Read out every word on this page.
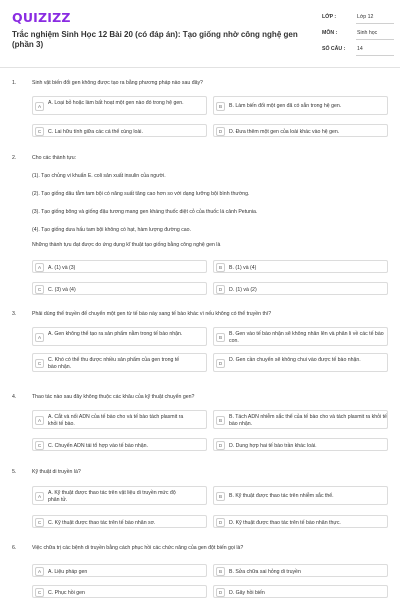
QUIZIZZ
Trắc nghiệm Sinh Học 12 Bài 20 (có đáp án): Tạo giống nhờ công nghệ gen (phần 3)
LỚP :	Lớp 12
MÔN :	Sinh học
SỐ CÂU : 14
1.	Sinh vật biến đổi gen không được tạo ra bằng phương pháp nào sau đây?
A
A. Loại bỏ hoặc làm bất hoạt một gen nào đó trong hệ gen.
B	B. Làm biến đổi một gen đã có sẵn trong hệ gen.
C	C. Lai hữu tính giữa các cá thể cùng loài.	D	D. Đưa thêm một gen của loài khác vào hệ gen.
2.	Cho các thành tựu:
(1). Tạo chủng vi khuẩn E. coli sản xuất insulin của người.
(2). Tạo giống dâu tằm tam bội có năng suất tăng cao hơn so với dạng lưỡng bội bình thường.
(3). Tạo giống bông và giống đậu tương mang gen kháng thuốc diệt cỏ của thuốc lá cảnh Petunia.
(4). Tạo giống dưa hấu tam bội không có hạt, hàm lượng đường cao.
Những thành tựu đạt được do ứng dụng kĩ thuật tạo giống bằng công nghệ gen là
A	A. (1) và (3)	B	B. (1) và (4)
C	C. (3) và (4)	D	D. (1) và (2)
3.	Phải dùng thể truyền để chuyển một gen từ tế bào này sang tế bào khác vì nếu không có thể truyền thì?
A
A. Gen không thể tạo ra sản phẩm nằm trong tế bào nhận.
B
B. Gen vào tế bào nhận sẽ không nhân lên và phân li về các tế bào con.
C
C. Khó có thể thu được nhiều sản phẩm của gen trong tế bào nhận.
D
D. Gen cần chuyển sẽ không chui vào được tế bào nhận.
4.	Thao tác nào sau đây không thuộc các khâu của kỹ thuật chuyển gen?
A
A. Cắt và nối ADN của tế bào cho và tế bào tách plasmit ra khỏi tế bào.
B
B. Tách ADN nhiễm sắc thể của tế bào cho và tách plasmit ra khỏi tế bào nhận.
C	C. Chuyển ADN tái tổ hợp vào tế bào nhận.	D	D. Dung hợp hai tế bào trần khác loài.
5.	Kỹ thuật di truyền là?
A
A. Kỹ thuật được thao tác trên vật liệu di truyền mức độ phân tử.
B	B. Kỹ thuật được thao tác trên nhiễm sắc thể.
C	C. Kỹ thuật được thao tác trên tế bào nhân sơ.	D	D. Kỹ thuật được thao tác trên tế bào nhân thực.
6.	Việc chữa trị các bệnh di truyền bằng cách phục hồi các chức năng của gen đột biến gọi là?
A	A. Liệu pháp gen	B	B. Sửa chữa sai hỏng di truyền
C	C. Phục hồi gen	D	D. Gây hồi biến
